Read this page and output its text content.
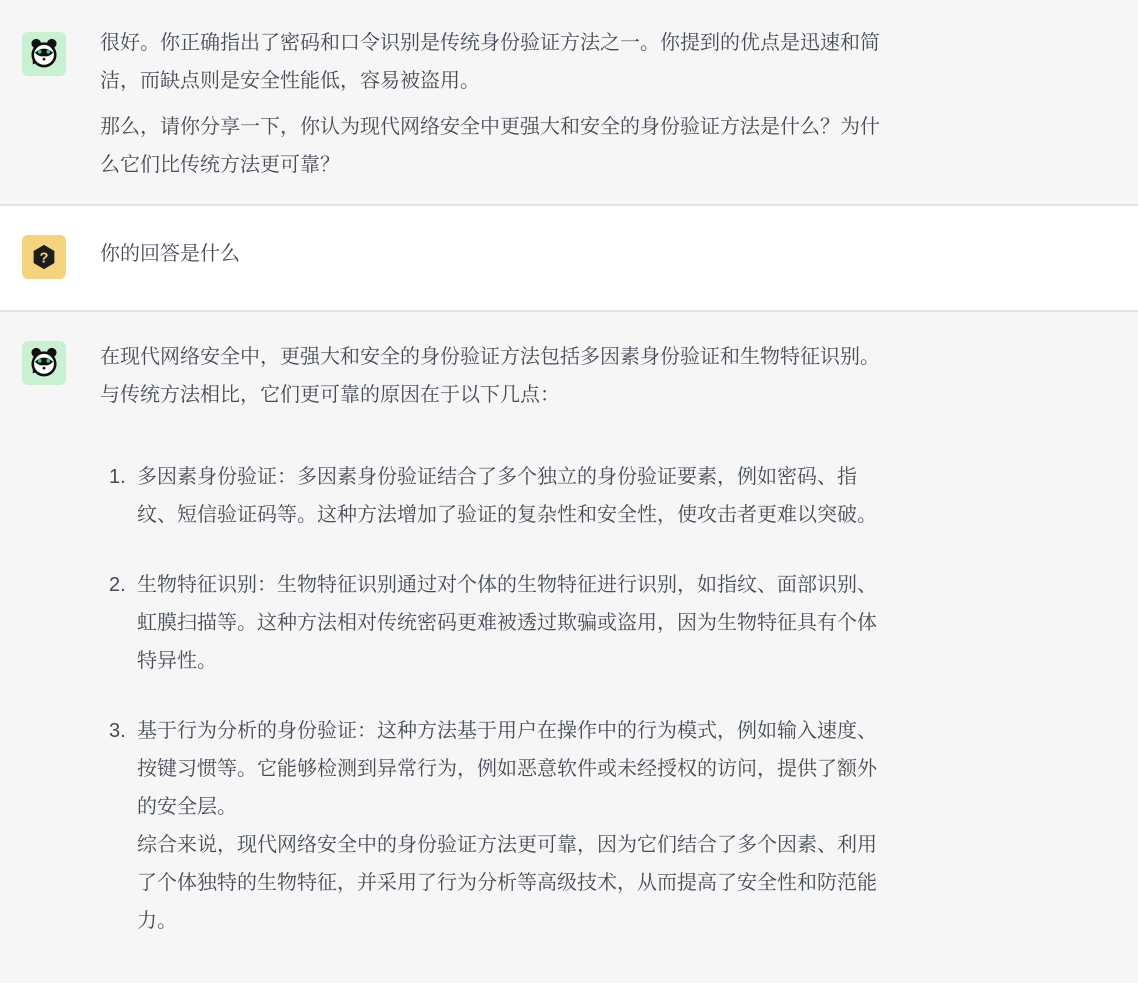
很好。你正确指出了密码和口令识别是传统身份验证方法之一。你提到的优点是迅速和简洁，而缺点则是安全性能低，容易被盗用。

那么，请你分享一下，你认为现代网络安全中更强大和安全的身份验证方法是什么？为什么它们比传统方法更可靠？

?	你的回答是什么

在现代网络安全中，更强大和安全的身份验证方法包括多因素身份验证和生物特征识别。与传统方法相比，它们更可靠的原因在于以下几点：

1. 多因素身份验证：多因素身份验证结合了多个独立的身份验证要素，例如密码、指纹、短信验证码等。这种方法增加了验证的复杂性和安全性，使攻击者更难以突破。
2. 生物特征识别：生物特征识别通过对个体的生物特征进行识别，如指纹、面部识别、虹膜扫描等。这种方法相对传统密码更难被透过欺骗或盗用，因为生物特征具有个体特异性。
3. 基于行为分析的身份验证：这种方法基于用户在操作中的行为模式，例如输入速度、按键习惯等。它能够检测到异常行为，例如恶意软件或未经授权的访问，提供了额外的安全层。

综合来说，现代网络安全中的身份验证方法更可靠，因为它们结合了多个因素、利用了个体独特的生物特征，并采用了行为分析等高级技术，从而提高了安全性和防范能力。
